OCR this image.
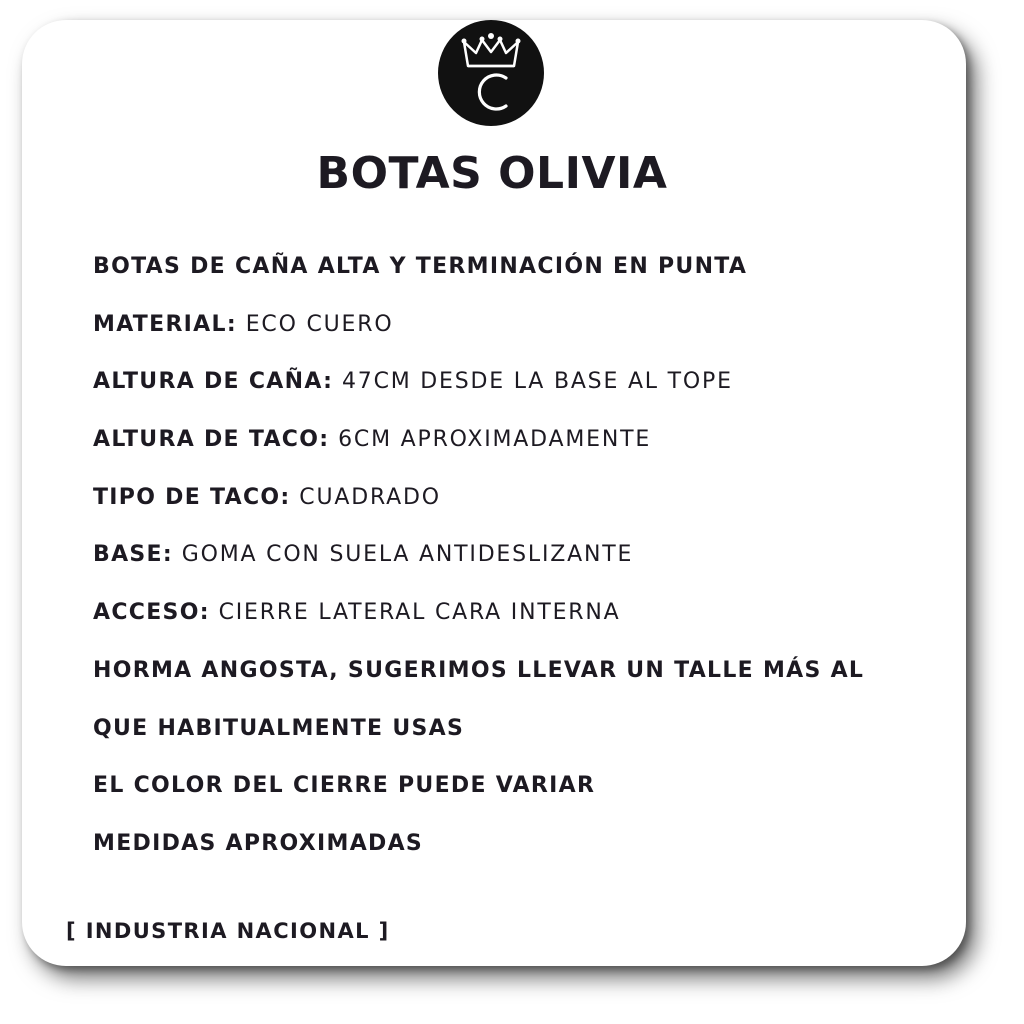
BOTAS OLIVIA
BOTAS DE CAÑA ALTA Y TERMINACIÓN EN PUNTA
MATERIAL: ECO CUERO
ALTURA DE CAÑA: 47CM DESDE LA BASE AL TOPE
ALTURA DE TACO: 6CM APROXIMADAMENTE
TIPO DE TACO: CUADRADO
BASE: GOMA CON SUELA ANTIDESLIZANTE
ACCESO: CIERRE LATERAL CARA INTERNA
HORMA ANGOSTA, SUGERIMOS LLEVAR UN TALLE MÁS AL
QUE HABITUALMENTE USAS
EL COLOR DEL CIERRE PUEDE VARIAR
MEDIDAS APROXIMADAS
[ INDUSTRIA NACIONAL ]
